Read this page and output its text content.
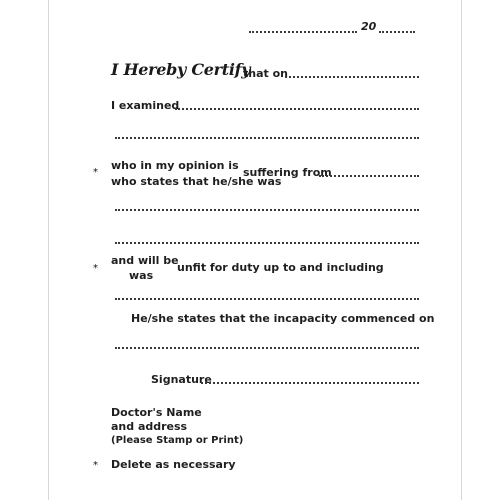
20
I Hereby Certify
that on
I examined
*
who in my opinion is
who states that he/she was
suffering from
*
and will be
was
unfit for duty up to and including
He/she states that the incapacity commenced on
Signature
Doctor's Name
and address
(Please Stamp or Print)
* Delete as necessary
